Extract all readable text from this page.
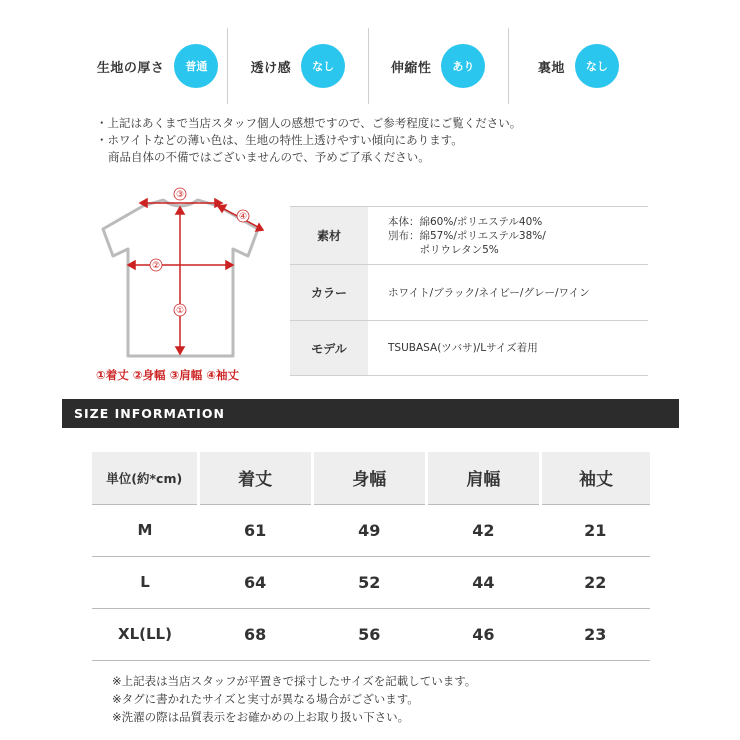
生地の厚さ	普通	透け感	なし	伸縮性	あり	裏地	なし

・上記はあくまで当店スタッフ個人の感想ですので、ご参考程度にご覧ください。

・ホワイトなどの薄い色は、生地の特性上透けやすい傾向にあります。

商品自体の不備ではございませんので、予めご了承ください。

③
②
④
①
①着丈 ②身幅 ③肩幅 ④袖丈
素材
本体：綿60%/ポリエステル40%
別布：綿57%/ポリエステル38%/
　　　ポリウレタン5%
カラー	ホワイト/ブラック/ネイビー/グレー/ワイン
モデル	TSUBASA(ツバサ)/Lサイズ着用
SIZE INFORMATION
単位(約*cm)	着丈	身幅	肩幅	袖丈
M	61	49	42	21
L	64	52	44	22
XL(LL)	68	56	46	23

※上記表は当店スタッフが平置きで採寸したサイズを記載しています。

※タグに書かれたサイズと実寸が異なる場合がございます。

※洗濯の際は品質表示をお確かめの上お取り扱い下さい。
